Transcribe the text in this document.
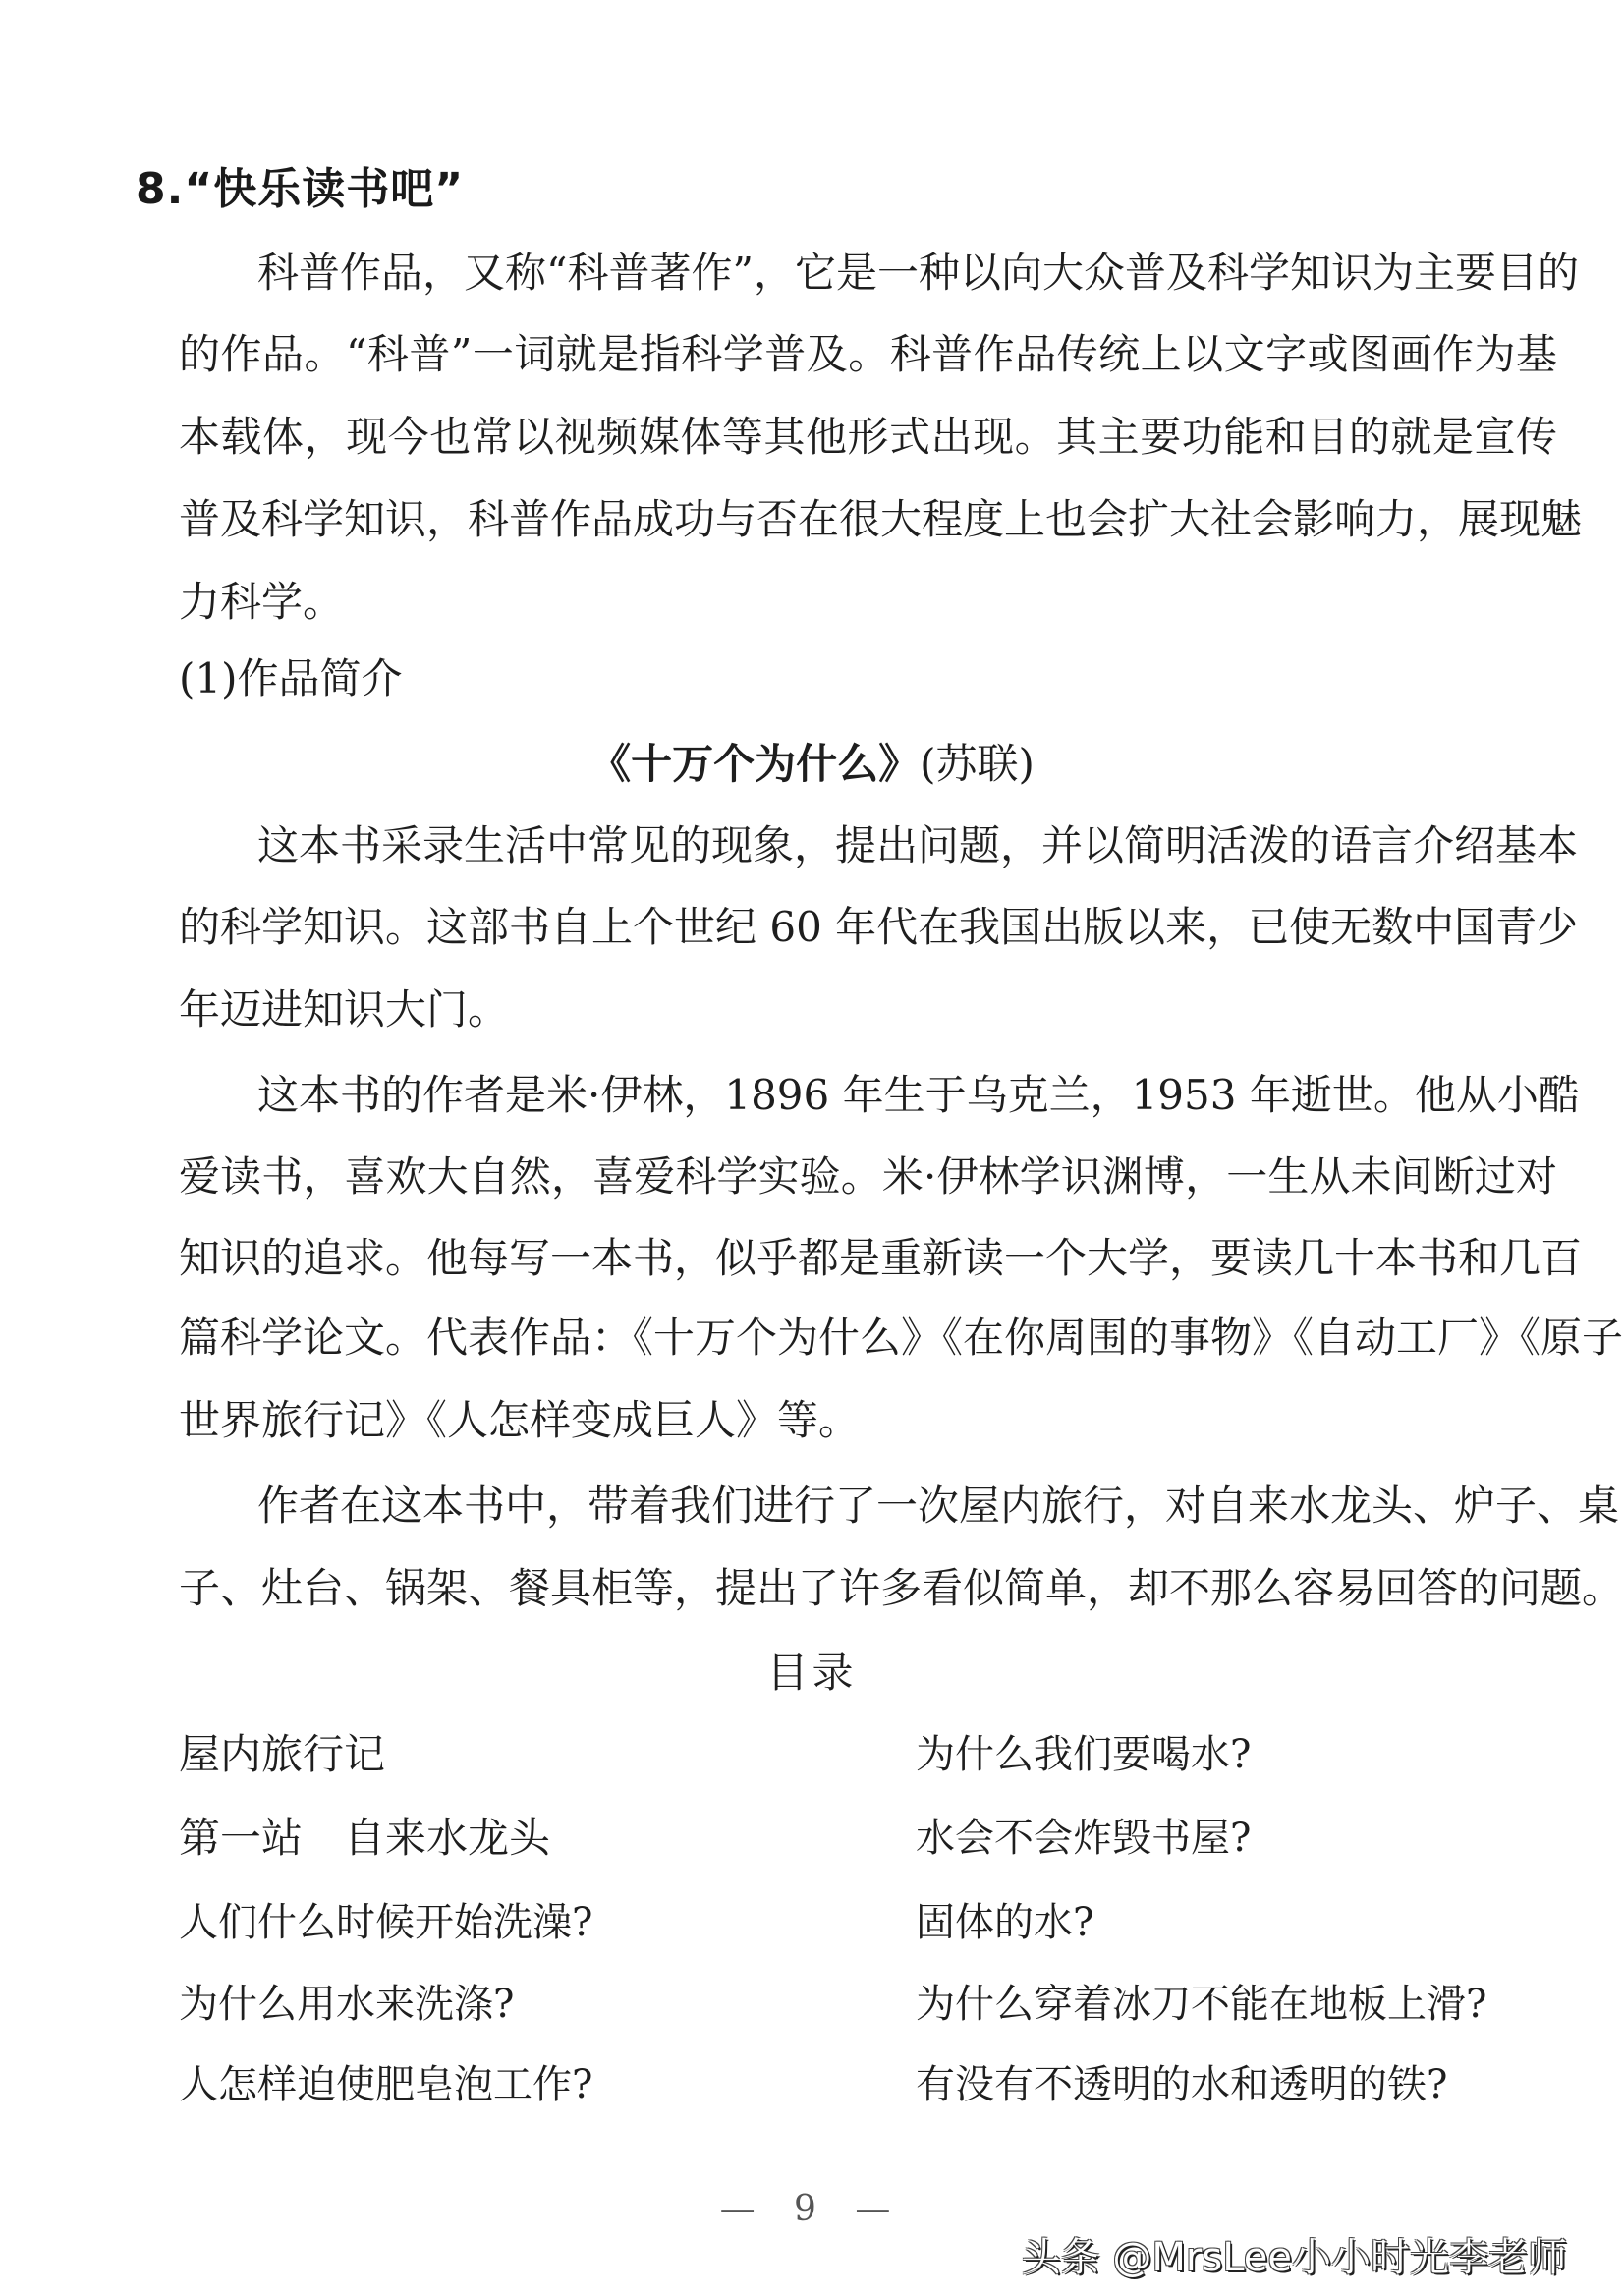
8.“快乐读书吧”
科普作品，又称“科普著作”，它是一种以向大众普及科学知识为主要目的
的作品。“科普”一词就是指科学普及。科普作品传统上以文字或图画作为基
本载体，现今也常以视频媒体等其他形式出现。其主要功能和目的就是宣传
普及科学知识，科普作品成功与否在很大程度上也会扩大社会影响力，展现魅
力科学。
(1)作品简介
《十万个为什么》(苏联)
这本书采录生活中常见的现象，提出问题，并以简明活泼的语言介绍基本
的科学知识。这部书自上个世纪 60 年代在我国出版以来，已使无数中国青少
年迈进知识大门。
这本书的作者是米·伊林，1896 年生于乌克兰，1953 年逝世。他从小酷
爱读书，喜欢大自然，喜爱科学实验。米·伊林学识渊博，一生从未间断过对
知识的追求。他每写一本书，似乎都是重新读一个大学，要读几十本书和几百
篇科学论文。代表作品：《十万个为什么》《在你周围的事物》《自动工厂》《原子
世界旅行记》《人怎样变成巨人》等。
作者在这本书中，带着我们进行了一次屋内旅行，对自来水龙头、炉子、桌
子、灶台、锅架、餐具柜等，提出了许多看似简单，却不那么容易回答的问题。
目录
屋内旅行记
第一站 自来水龙头
人们什么时候开始洗澡?
为什么用水来洗涤?
人怎样迫使肥皂泡工作?
为什么我们要喝水?
水会不会炸毁书屋?
固体的水?
为什么穿着冰刀不能在地板上滑?
有没有不透明的水和透明的铁?
— 9 —
头条 @MrsLee小小时光李老师
